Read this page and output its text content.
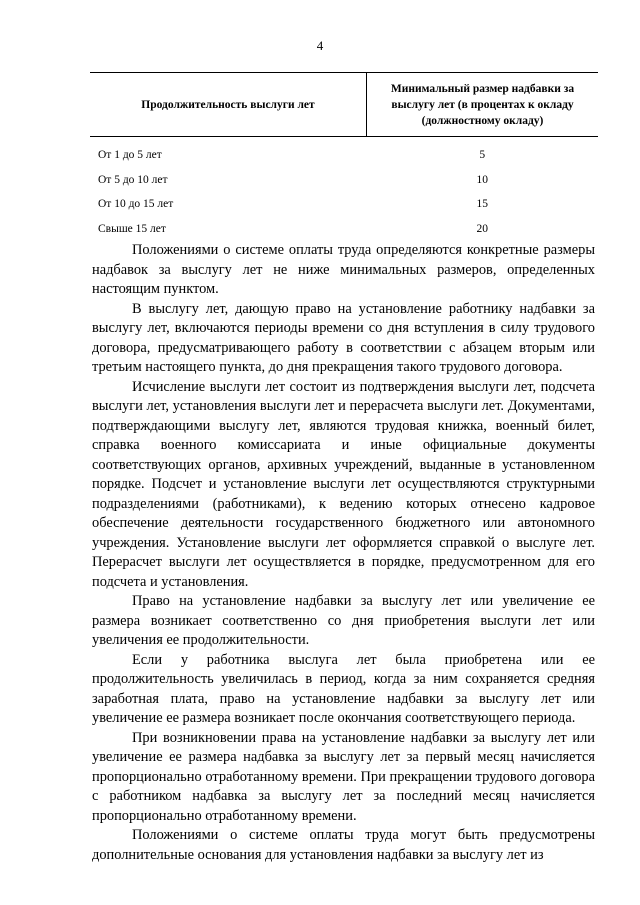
4
Продолжительность выслуги лет	Минимальный размер надбавки за выслугу лет (в процентах к окладу (должностному окладу)
От 1 до 5 лет	5
От 5 до 10 лет	10
От 10 до 15 лет	15
Свыше 15 лет	20

Положениями о системе оплаты труда определяются конкретные размеры надбавок за выслугу лет не ниже минимальных размеров, определенных настоящим пунктом.

В выслугу лет, дающую право на установление работнику надбавки за выслугу лет, включаются периоды времени со дня вступления в силу трудового договора, предусматривающего работу в соответствии с абзацем вторым или третьим настоящего пункта, до дня прекращения такого трудового договора.

Исчисление выслуги лет состоит из подтверждения выслуги лет, подсчета выслуги лет, установления выслуги лет и перерасчета выслуги лет. Документами, подтверждающими выслугу лет, являются трудовая книжка, военный билет, справка военного комиссариата и иные официальные документы соответствующих органов, архивных учреждений, выданные в установленном порядке. Подсчет и установление выслуги лет осуществляются структурными подразделениями (работниками), к ведению которых отнесено кадровое обеспечение деятельности государственного бюджетного или автономного учреждения. Установление выслуги лет оформляется справкой о выслуге лет. Перерасчет выслуги лет осуществляется в порядке, предусмотренном для его подсчета и установления.

Право на установление надбавки за выслугу лет или увеличение ее размера возникает соответственно со дня приобретения выслуги лет или увеличения ее продолжительности.

Если у работника выслуга лет была приобретена или ее продолжительность увеличилась в период, когда за ним сохраняется средняя заработная плата, право на установление надбавки за выслугу лет или увеличение ее размера возникает после окончания соответствующего периода.

При возникновении права на установление надбавки за выслугу лет или увеличение ее размера надбавка за выслугу лет за первый месяц начисляется пропорционально отработанному времени. При прекращении трудового договора с работником надбавка за выслугу лет за последний месяц начисляется пропорционально отработанному времени.

Положениями о системе оплаты труда могут быть предусмотрены дополнительные основания для установления надбавки за выслугу лет из
